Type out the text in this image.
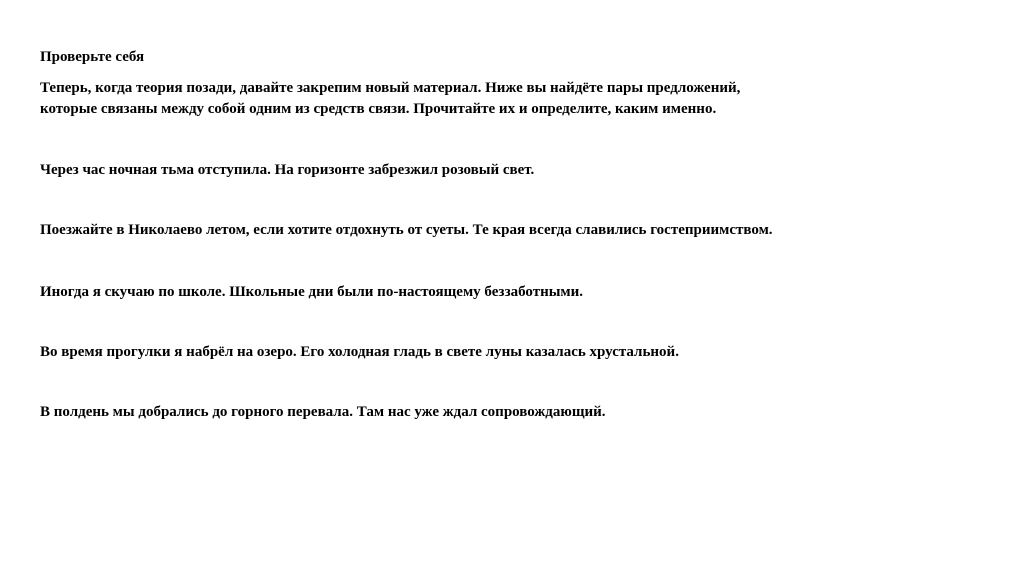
Проверьте себя
Теперь, когда теория позади, давайте закрепим новый материал. Ниже вы найдёте пары предложений,
которые связаны между собой одним из средств связи. Прочитайте их и определите, каким именно.
Через час ночная тьма отступила. На горизонте забрезжил розовый свет.
Поезжайте в Николаево летом, если хотите отдохнуть от суеты. Те края всегда славились гостеприимством.
Иногда я скучаю по школе. Школьные дни были по-настоящему беззаботными.
Во время прогулки я набрёл на озеро. Его холодная гладь в свете луны казалась хрустальной.
В полдень мы добрались до горного перевала. Там нас уже ждал сопровождающий.
